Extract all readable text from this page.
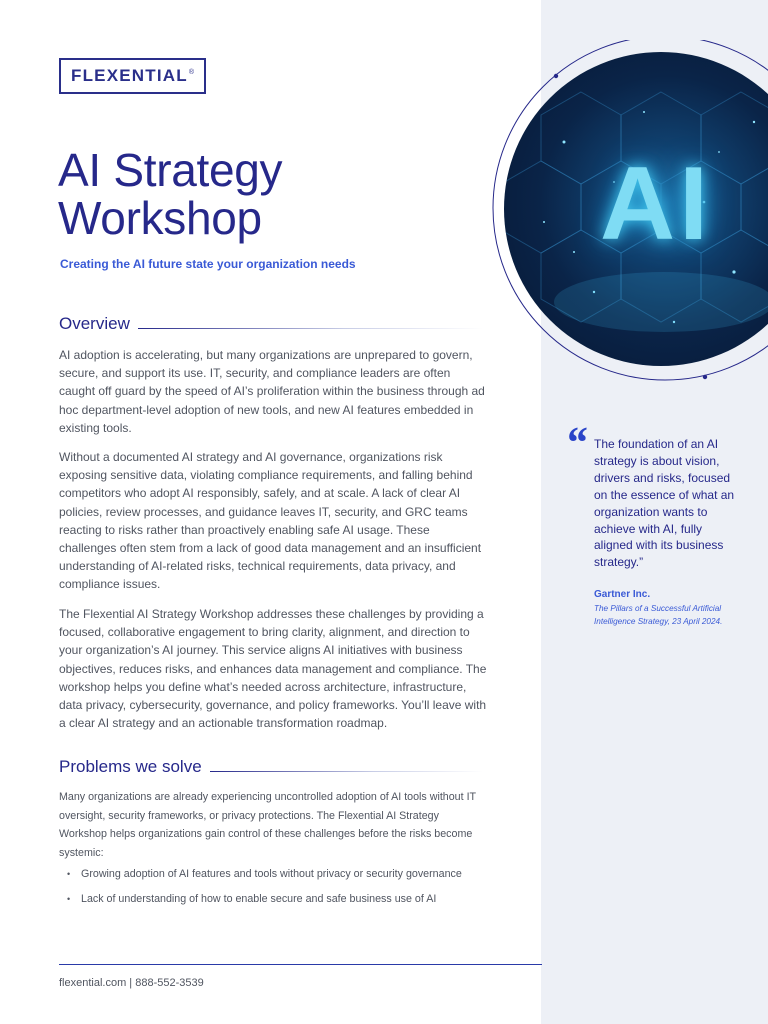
FLEXENTIAL ®
AI Strategy Workshop
Creating the AI future state your organization needs
Overview

AI adoption is accelerating, but many organizations are unprepared to govern, secure, and support its use. IT, security, and compliance leaders are often caught off guard by the speed of AI’s proliferation within the business through ad hoc department-level adoption of new tools, and new AI features embedded in existing tools.

Without a documented AI strategy and AI governance, organizations risk exposing sensitive data, violating compliance requirements, and falling behind competitors who adopt AI responsibly, safely, and at scale. A lack of clear AI policies, review processes, and guidance leaves IT, security, and GRC teams reacting to risks rather than proactively enabling safe AI usage. These challenges often stem from a lack of good data management and an insufficient understanding of AI-related risks, technical requirements, data privacy, and compliance issues.

The Flexential AI Strategy Workshop addresses these challenges by providing a focused, collaborative engagement to bring clarity, alignment, and direction to your organization’s AI journey. This service aligns AI initiatives with business objectives, reduces risks, and enhances data management and compliance. The workshop helps you define what’s needed across architecture, infrastructure, data privacy, cybersecurity, governance, and policy frameworks. You’ll leave with a clear AI strategy and an actionable transformation roadmap.

Problems we solve

Many organizations are already experiencing uncontrolled adoption of AI tools without IT oversight, security frameworks, or privacy protections. The Flexential AI Strategy Workshop helps organizations gain control of these challenges before the risks become systemic:

• Growing adoption of AI features and tools without privacy or security governance
• Lack of understanding of how to enable secure and safe business use of AI
flexential.com | 888-552-3539
AI
“ The foundation of an AI strategy is about vision, drivers and risks, focused on the essence of what an organization wants to achieve with AI, fully aligned with its business strategy.”

Gartner Inc.
The Pillars of a Successful Artificial Intelligence Strategy, 23 April 2024.
